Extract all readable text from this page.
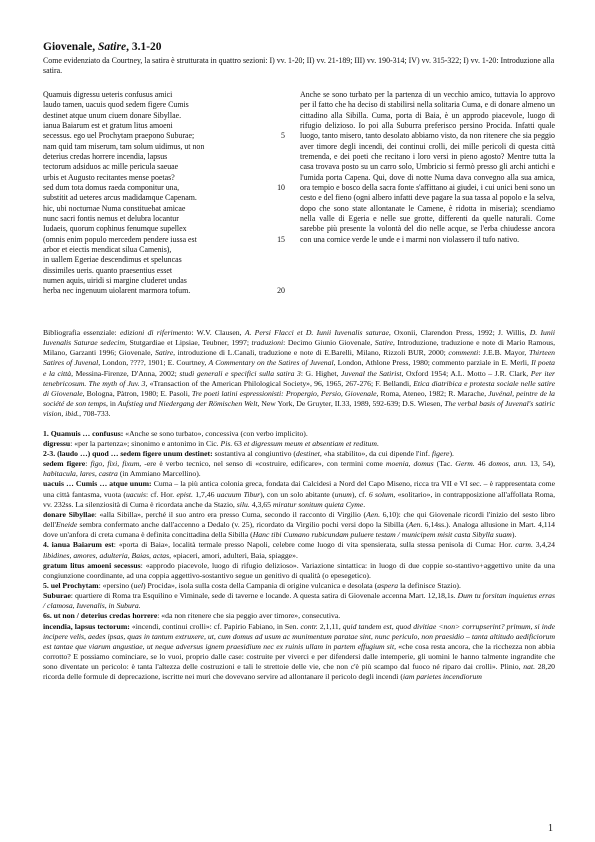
Giovenale, Satire, 3.1-20

Come evidenziato da Courtney, la satira è strutturata in quattro sezioni: I) vv. 1-20; II) vv. 21-189; III) vv. 190-314; IV) vv. 315-322; I) vv. 1-20: Introduzione alla satira.

Quamuis digressu ueteris confusus amici
laudo tamen, uacuis quod sedem figere Cumis
destinet atque unum ciuem donare Sibyllae.
ianua Baiarum est et gratum litus amoeni
secessus. ego uel Prochytam praepono Suburae;	5
nam quid tam miserum, tam solum uidimus, ut non
deterius credas horrere incendia, lapsus
tectorum adsiduos ac mille pericula saeuae
urbis et Augusto recitantes mense poetas?
sed dum tota domus raeda componitur una,	10
substitit ad ueteres arcus madidamque Capenam.
hic, ubi nocturnae Numa constituebat amicae
nunc sacri fontis nemus et delubra locantur
Iudaeis, quorum cophinus fenumque supellex
(omnis enim populo mercedem pendere iussa est	15
arbor et eiectis mendicat silua Camenis),
in uallem Egeriae descendimus et speluncas
dissimiles ueris. quanto praesentius esset
numen aquis, uiridi si margine cluderet undas
herba nec ingenuum uiolarent marmora tofum.	20
Anche se sono turbato per la partenza di un vecchio amico, tuttavia lo approvo per il fatto che ha deciso di stabilirsi nella solitaria Cuma, e di donare almeno un cittadino alla Sibilla. Cuma, porta di Baia, è un approdo piacevole, luogo di rifugio delizioso. Io poi alla Suburra preferisco persino Procida. Infatti quale luogo, tanto misero, tanto desolato abbiamo visto, da non ritenere che sia peggio aver timore degli incendi, dei continui crolli, dei mille pericoli di questa città tremenda, e dei poeti che recitano i loro versi in pieno agosto? Mentre tutta la casa trovava posto su un carro solo, Umbricio si fermò presso gli archi antichi e l'umida porta Capena. Qui, dove di notte Numa dava convegno alla sua amica, ora tempio e bosco della sacra fonte s'affittano ai giudei, i cui unici beni sono un cesto e del fieno (ogni albero infatti deve pagare la sua tassa al popolo e la selva, dopo che sono state allontanate le Camene, è ridotta in miseria); scendiamo nella valle di Egeria e nelle sue grotte, differenti da quelle naturali. Come sarebbe più presente la volontà del dio nelle acque, se l'erba chiudesse ancora con una cornice verde le unde e i marmi non violassero il tufo nativo.
Bibliografia essenziale: edizioni di riferimento: W.V. Clausen, A. Persi Flacci et D. Iunii Iuvenalis saturae, Oxonii, Clarendon Press, 1992; J. Willis, D. Iunii Iuvenalis Saturae sedecim, Stutgardiae et Lipsiae, Teubner, 1997; traduzioni: Decimo Giunio Giovenale, Satire, Introduzione, traduzione e note di Mario Ramous, Milano, Garzanti 1996; Giovenale, Satire, introduzione di L.Canali, traduzione e note di E.Barelli, Milano, Rizzoli BUR, 2000; commenti: J.E.B. Mayor, Thirteen Satires of Juvenal, London, ????, 1901; E. Courtney, A Commentary on the Satires of Juvenal, London, Athlone Press, 1980; commento parziale in E. Merli, Il poeta e la città, Messina-Firenze, D'Anna, 2002; studi generali e specifici sulla satira 3: G. Highet, Juvenal the Satirist, Oxford 1954; A.L. Motto – J.R. Clark, Per iter tenebricosum. The myth of Juv. 3, «Transaction of the American Philological Society», 96, 1965, 267-276; F. Bellandi, Etica diatribica e protesta sociale nelle satire di Giovenale, Bologna, Pàtron, 1980; E. Pasoli, Tre poeti latini espressionisti: Propergio, Persio, Giovenale, Roma, Ateneo, 1982; R. Marache, Juvénal, peintre de la société de son temps, in Aufstieg und Niedergang der Römischen Welt, New York, De Gruyter, II.33, 1989, 592-639; D.S. Wiesen, The verbal basis of Juvenal's satiric vision, ibid., 708-733.

1. Quamuis … confusus: «Anche se sono turbato», concessiva (con verbo implicito).

digressu: «per la partenza»; sinonimo e antonimo in Cic. Pis. 63 et digressum meum et absentiam et reditum.

2-3. (laudo …) quod … sedem figere unum destinet: sostantiva al congiuntivo (destinet, «ha stabilito», da cui dipende l'inf. figere).

sedem figere: figo, fixi, fixum, -ere è verbo tecnico, nel senso di «costruire, edificare», con termini come moenia, domus (Tac. Germ. 46 domos, ann. 13, 54), habitacula, lares, castra (in Ammiano Marcellino).

uacuis … Cumis … atque unum: Cuma – la più antica colonia greca, fondata dai Calcidesi a Nord del Capo Miseno, ricca tra VII e VI sec. – è rappresentata come una città fantasma, vuota (uacuis: cf. Hor. epist. 1,7,46 uacuum Tibur), con un solo abitante (unum), cf. 6 solum, «solitario», in contrapposizione all'affollata Roma, vv. 232ss. La silenziosità di Cuma è ricordata anche da Stazio, silu. 4,3,65 miratur sonitum quieta Cyme.

donare Sibyllae: «alla Sibilla», perché il suo antro era presso Cuma, secondo il racconto di Virgilio (Aen. 6,10): che qui Giovenale ricordi l'inizio del sesto libro dell'Eneide sembra confermato anche dall'accenno a Dedalo (v. 25), ricordato da Virgilio pochi versi dopo la Sibilla (Aen. 6,14ss.). Analoga allusione in Mart. 4,114 dove un'anfora di creta cumana è definita concittadina della Sibilla (Hanc tibi Cumano rubicundam puluere testam / municipem misit casta Sibylla suam).

4. ianua Baiarum est: «porta di Baia», località termale presso Napoli, celebre come luogo di vita spensierata, sulla stessa penisola di Cuma: Hor. carm. 3,4,24 libidines, amores, adulteria, Baias, actas, «piaceri, amori, adulteri, Baia, spiagge».

gratum litus amoeni secessus: «approdo piacevole, luogo di rifugio delizioso». Variazione sintattica: in luogo di due coppie so-stantivo+aggettivo unite da una congiunzione coordinante, ad una coppia aggettivo-sostantivo segue un genitivo di qualità (o epesegetico).

5. uel Prochytam: «persino (uel) Procida», isola sulla costa della Campania di origine vulcanica e desolata (aspera la definisce Stazio).

Suburae: quartiere di Roma tra Esquilino e Viminale, sede di taverne e locande. A questa satira di Giovenale accenna Mart. 12,18,1s. Dum tu forsitan inquietus erras / clamosa, Iuvenalis, in Subura.

6s. ut non / deterius credas horrere: «da non ritenere che sia peggio aver timore», consecutiva.

incendia, lapsus tectorum: «incendi, continui crolli»: cf. Papirio Fabiano, in Sen. contr. 2,1,11, quid tandem est, quod divitiae <non> corrupserint? primum, si inde incipere velis, aedes ipsas, quas in tantum extruxere, ut, cum domus ad usum ac munimentum paratae sint, nunc periculo, non praesidio – tanta altitudo aedificiorum est tantae que viarum angustiae, ut neque adversus ignem praesidium nec ex ruinis ullam in partem effugium sit, «che cosa resta ancora, che la ricchezza non abbia corrotto? E possiamo cominciare, se lo vuoi, proprio dalle case: costruite per viverci e per difendersi dalle intemperie, gli uomini le hanno talmente ingrandite che sono diventate un pericolo: è tanta l'altezza delle costruzioni e tali le strettoie delle vie, che non c'è più scampo dal fuoco né riparo dai crolli». Plinio, nat. 28,20 ricorda delle formule di deprecazione, iscritte nei muri che dovevano servire ad allontanare il pericolo degli incendi (iam parietes incendiorum

1
